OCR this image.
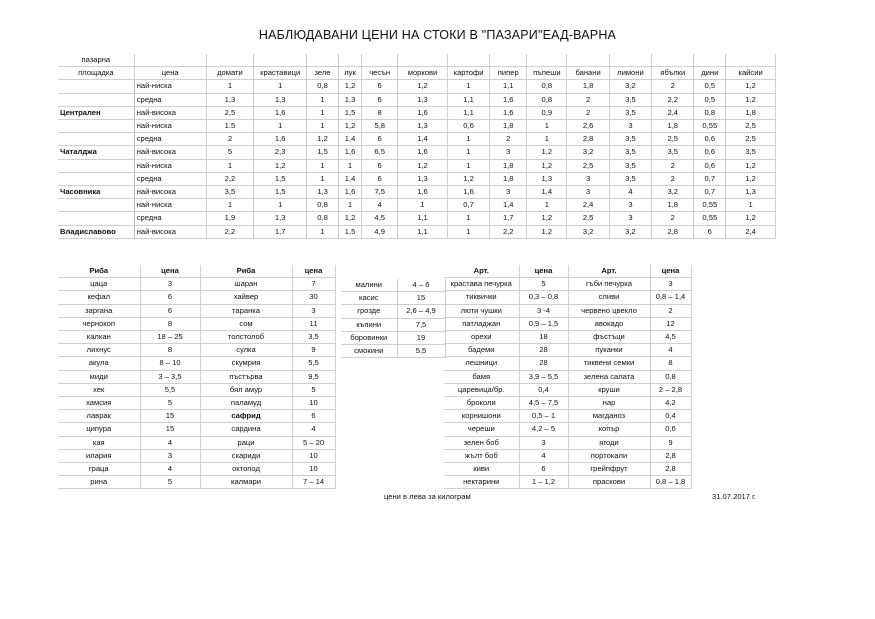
НАБЛЮДАВАНИ ЦЕНИ НА СТОКИ В "ПАЗАРИ"ЕАД-ВАРНА
пазарна															
площадка	цена	домати	краставици	зеле	лук	чесън	моркови	картофи	пипер	пъпеши	банани	лимони	ябълки	дини	кайсии
	най-ниска	1	1	0,8	1,2	6	1,2	1	1,1	0,8	1,8	3,2	2	0,5	1,2
	средна	1,3	1,3	1	1,3	6	1,3	1,1	1,6	0,8	2	3,5	2,2	0,5	1,2
Централен	най-висока	2,5	1,6	1	1,5	8	1,6	1,1	1,6	0,9	2	3,5	2,4	0,8	1,8
	най-ниска	1.5	1	1	1,2	5,8	1,3	0,6	1,8	1	2,6	3	1,8	0,55	2,5
	средна	2	1,6	1,2	1,4	6	1,4	1	2	1	2,8	3,5	2,5	0,6	2,5
Чаталджа	най-висока	5	2,3	1,5	1,6	6,5	1,6	1	3	1,2	3,2	3,5	3,5	0,6	3,5
	най-ниска	1	1,2	1	1	6	1,2	1	1,8	1,2	2,5	3,5	2	0,6	1,2
	средна	2,2	1,5	1	1,4	6	1,3	1,2	1,8	1,3	3	3,5	2	0,7	1,2
Часовника	най-висока	3,5	1,5	1,3	1,6	7,5	1,6	1,6	3	1,4	3	4	3,2	0,7	1,3
	най-ниска	1	1	0,8	1	4	1	0,7	1,4	1	2,4	3	1,8	0,55	1
	средна	1,9	1,3	0,8	1,2	4,5	1,1	1	1,7	1,2	2,5	3	2	0,55	1,2
Владиславово	най-висока	2,2	1,7	1	1,5	4,9	1,1	1	2,2	1,2	3,2	3,2	2,8	6	2,4
Риба	цена	Риба	цена
цаца	3	шаран	7
кефал	6	хайвер	30
заргана	6	таранка	3
чернокоп	8	сом	11
калкан	18 – 25	толстолоб	3,5
лихнус	8	сулка	9
акула	8 – 10	скумрия	5,5
миди	3 – 3,5	пъстърва	9,5
хек	5,5	бял амур	5
хамсия	5	паламуд	10
лаврак	15	сафрид	6
ципура	15	сардина	4
кая	4	раци	5 – 20
илария	3	скариди	10
граца	4	октопод	10
рина	5	калмари	7 – 14
малини	4 – 6
касис	15
грозде	2,6 – 4,9
къпини	7,5
боровинки	19
смокини	5,5
Арт.	цена	Арт.	цена
краставa печурка	5	гъби печурка	3
тиквички	0,3 – 0,8	сливи	0,8 – 1,4
люти чушки	3 -4	червено цвекло	2
патладжан	0,9 – 1,5	авокадо	12
орехи	18	фъстъци	4,5
бадеми	28	пуканки	4
лешници	28	тиквени семки	8
бамя	3,9 – 5,5	зелена салата	0,8
царевица/бр.	0,4	круши	2 – 2,8
броколи	4,5 – 7,5	нар	4,2
корнишони	0,5 – 1	магданоз	0,4
череши	4,2 – 5	копър	0,6
зелен боб	3	ягоди	9
жълт боб	4	портокали	2,8
киви	6	грейпфрут	2,8
нектарини	1 – 1,2	праскови	0,8 – 1,8
цени в лева за килограм	31.07.2017 г.
